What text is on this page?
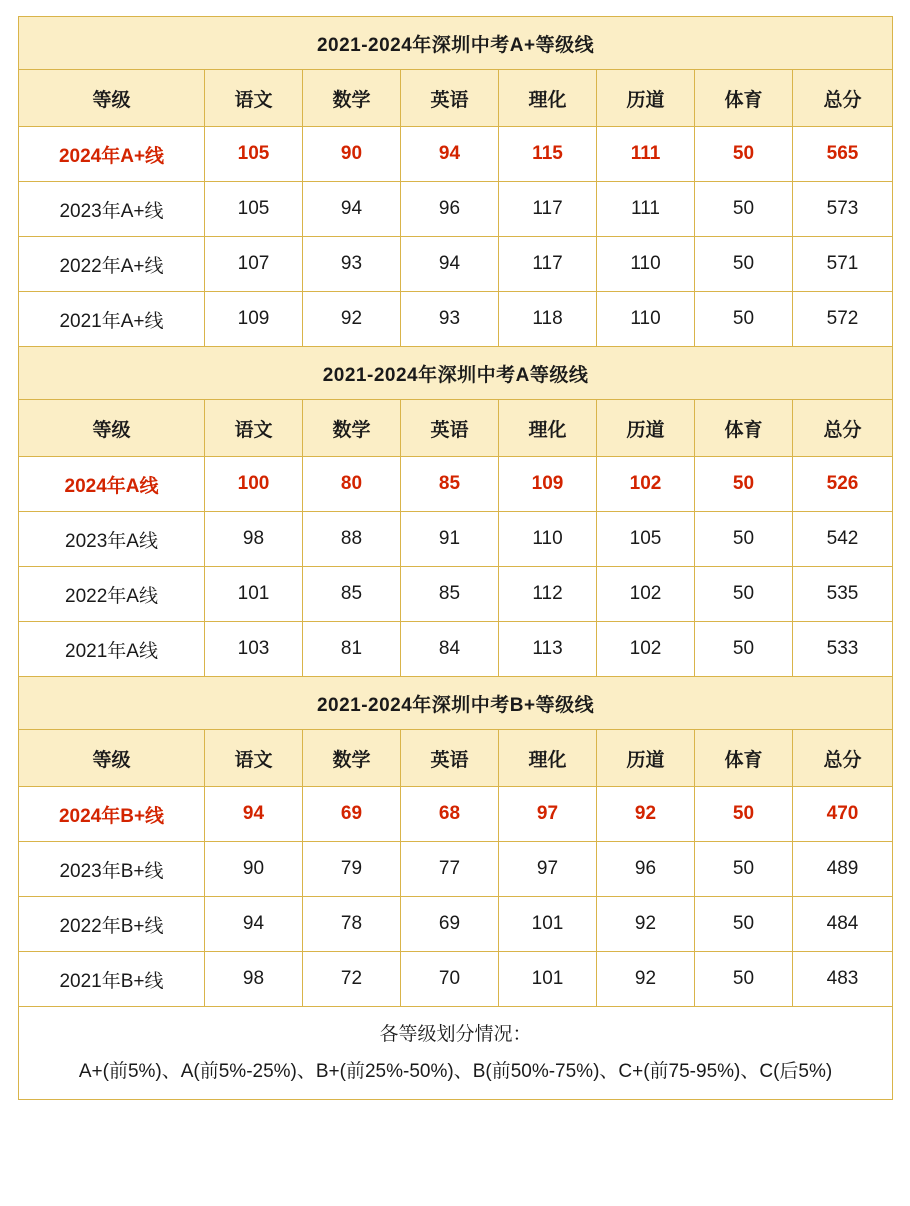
2021-2024年深圳中考A+等级线							
等级	语文	数学	英语	理化	历道	体育	总分
2024年A+线	105	90	94	115	111	50	565
2023年A+线	105	94	96	117	111	50	573
2022年A+线	107	93	94	117	110	50	571
2021年A+线	109	92	93	118	110	50	572
2021-2024年深圳中考A等级线							
等级	语文	数学	英语	理化	历道	体育	总分
2024年A线	100	80	85	109	102	50	526
2023年A线	98	88	91	110	105	50	542
2022年A线	101	85	85	112	102	50	535
2021年A线	103	81	84	113	102	50	533
2021-2024年深圳中考B+等级线							
等级	语文	数学	英语	理化	历道	体育	总分
2024年B+线	94	69	68	97	92	50	470
2023年B+线	90	79	77	97	96	50	489
2022年B+线	94	78	69	101	92	50	484
2021年B+线	98	72	70	101	92	50	483

各等级划分情况：
A+(前5%)、A(前5%-25%)、B+(前25%-50%)、B(前50%-75%)、C+(前75-95%)、C(后5%)							
